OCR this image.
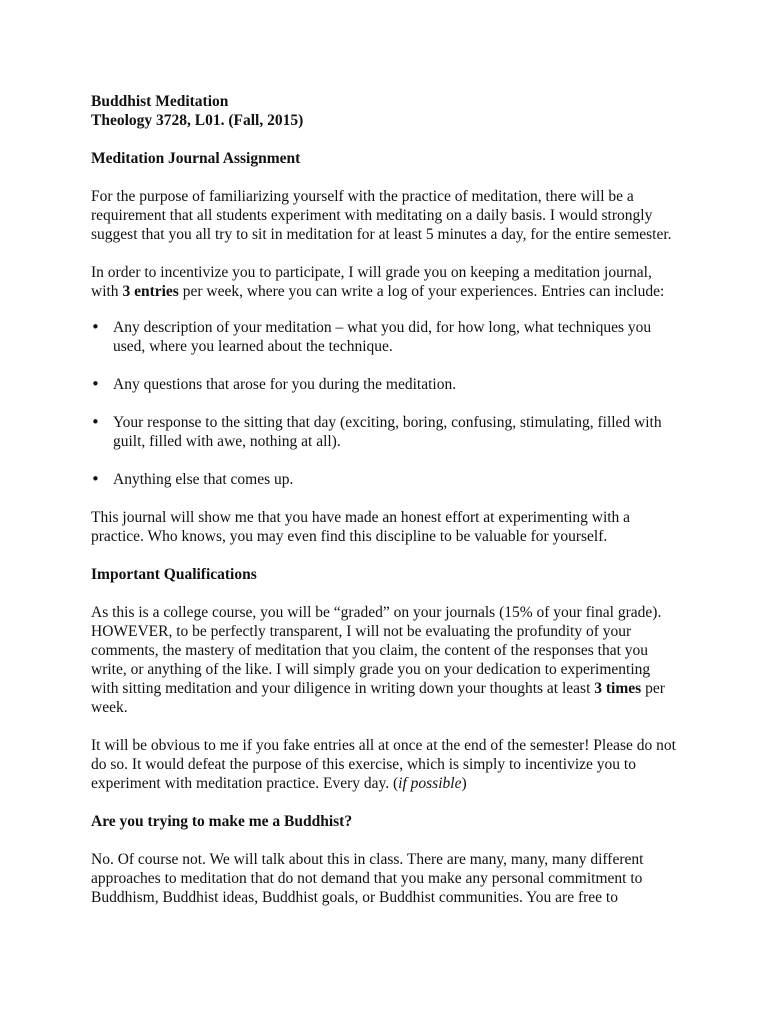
Buddhist Meditation

Theology 3728, L01. (Fall, 2015)

Meditation Journal Assignment

For the purpose of familiarizing yourself with the practice of meditation, there will be a requirement that all students experiment with meditating on a daily basis. I would strongly suggest that you all try to sit in meditation for at least 5 minutes a day, for the entire semester.

In order to incentivize you to participate, I will grade you on keeping a meditation journal, with 3 entries per week, where you can write a log of your experiences. Entries can include:

• Any description of your meditation – what you did, for how long, what techniques you used, where you learned about the technique.
• Any questions that arose for you during the meditation.
• Your response to the sitting that day (exciting, boring, confusing, stimulating, filled with guilt, filled with awe, nothing at all).
• Anything else that comes up.

This journal will show me that you have made an honest effort at experimenting with a practice. Who knows, you may even find this discipline to be valuable for yourself.

Important Qualifications

As this is a college course, you will be “graded” on your journals (15% of your final grade). HOWEVER, to be perfectly transparent, I will not be evaluating the profundity of your comments, the mastery of meditation that you claim, the content of the responses that you write, or anything of the like. I will simply grade you on your dedication to experimenting with sitting meditation and your diligence in writing down your thoughts at least 3 times per week.

It will be obvious to me if you fake entries all at once at the end of the semester! Please do not do so. It would defeat the purpose of this exercise, which is simply to incentivize you to experiment with meditation practice. Every day. (if possible)

Are you trying to make me a Buddhist?

No. Of course not. We will talk about this in class. There are many, many, many different approaches to meditation that do not demand that you make any personal commitment to Buddhism, Buddhist ideas, Buddhist goals, or Buddhist communities. You are free to
